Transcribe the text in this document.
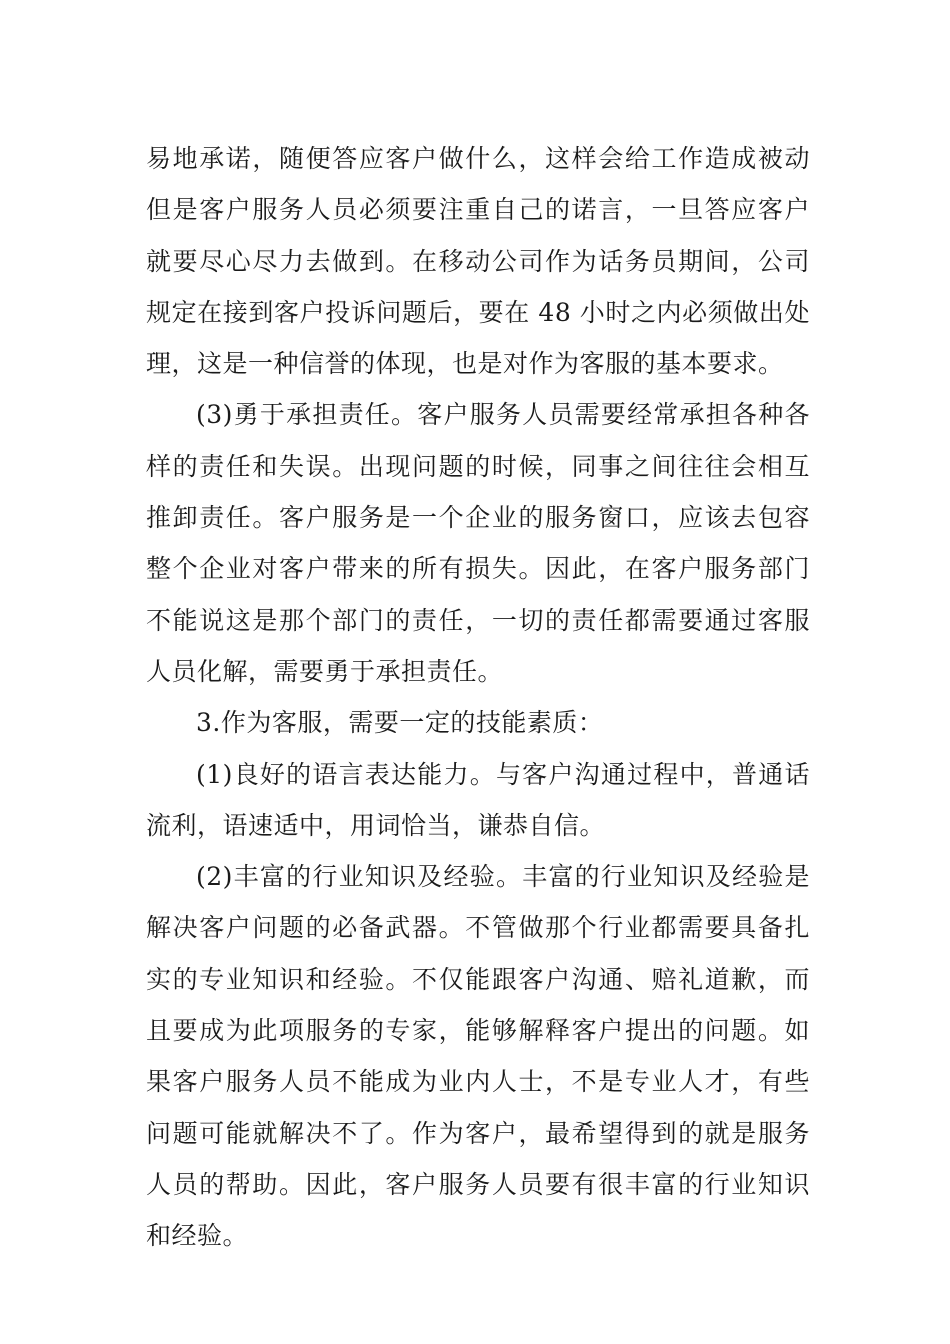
易地承诺，随便答应客户做什么，这样会给工作造成被动
但是客户服务人员必须要注重自己的诺言，一旦答应客户
就要尽心尽力去做到。在移动公司作为话务员期间，公司
规定在接到客户投诉问题后，要在 48 小时之内必须做出处
理，这是一种信誉的体现，也是对作为客服的基本要求。
(3)勇于承担责任。客户服务人员需要经常承担各种各
样的责任和失误。出现问题的时候，同事之间往往会相互
推卸责任。客户服务是一个企业的服务窗口，应该去包容
整个企业对客户带来的所有损失。因此，在客户服务部门
不能说这是那个部门的责任，一切的责任都需要通过客服
人员化解，需要勇于承担责任。
3.作为客服，需要一定的技能素质：
(1)良好的语言表达能力。与客户沟通过程中，普通话
流利，语速适中，用词恰当，谦恭自信。
(2)丰富的行业知识及经验。丰富的行业知识及经验是
解决客户问题的必备武器。不管做那个行业都需要具备扎
实的专业知识和经验。不仅能跟客户沟通、赔礼道歉，而
且要成为此项服务的专家，能够解释客户提出的问题。如
果客户服务人员不能成为业内人士，不是专业人才，有些
问题可能就解决不了。作为客户，最希望得到的就是服务
人员的帮助。因此，客户服务人员要有很丰富的行业知识
和经验。
